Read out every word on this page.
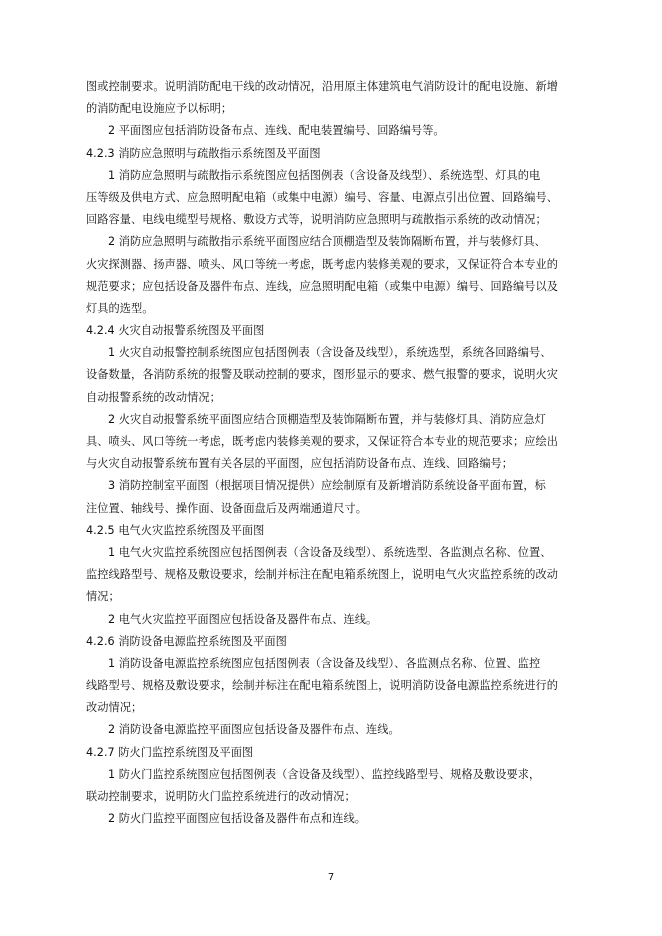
图或控制要求。说明消防配电干线的改动情况，沿用原主体建筑电气消防设计的配电设施、新增
的消防配电设施应予以标明；
2 平面图应包括消防设备布点、连线、配电装置编号、回路编号等。
4.2.3 消防应急照明与疏散指示系统图及平面图
1 消防应急照明与疏散指示系统图应包括图例表（含设备及线型）、系统选型、灯具的电
压等级及供电方式、应急照明配电箱（或集中电源）编号、容量、电源点引出位置、回路编号、
回路容量、电线电缆型号规格、敷设方式等，说明消防应急照明与疏散指示系统的改动情况；
2 消防应急照明与疏散指示系统平面图应结合顶棚造型及装饰隔断布置，并与装修灯具、
火灾探测器、扬声器、喷头、风口等统一考虑，既考虑内装修美观的要求，又保证符合本专业的
规范要求；应包括设备及器件布点、连线，应急照明配电箱（或集中电源）编号、回路编号以及
灯具的选型。
4.2.4 火灾自动报警系统图及平面图
1 火灾自动报警控制系统图应包括图例表（含设备及线型），系统选型，系统各回路编号、
设备数量，各消防系统的报警及联动控制的要求，图形显示的要求、燃气报警的要求，说明火灾
自动报警系统的改动情况；
2 火灾自动报警系统平面图应结合顶棚造型及装饰隔断布置，并与装修灯具、消防应急灯
具、喷头、风口等统一考虑，既考虑内装修美观的要求，又保证符合本专业的规范要求；应绘出
与火灾自动报警系统布置有关各层的平面图，应包括消防设备布点、连线、回路编号；
3 消防控制室平面图（根据项目情况提供）应绘制原有及新增消防系统设备平面布置，标
注位置、轴线号、操作面、设备面盘后及两端通道尺寸。
4.2.5 电气火灾监控系统图及平面图
1 电气火灾监控系统图应包括图例表（含设备及线型）、系统选型、各监测点名称、位置、
监控线路型号、规格及敷设要求，绘制并标注在配电箱系统图上，说明电气火灾监控系统的改动
情况；
2 电气火灾监控平面图应包括设备及器件布点、连线。
4.2.6 消防设备电源监控系统图及平面图
1 消防设备电源监控系统图应包括图例表（含设备及线型）、各监测点名称、位置、监控
线路型号、规格及敷设要求，绘制并标注在配电箱系统图上，说明消防设备电源监控系统进行的
改动情况；
2 消防设备电源监控平面图应包括设备及器件布点、连线。
4.2.7 防火门监控系统图及平面图
1 防火门监控系统图应包括图例表（含设备及线型）、监控线路型号、规格及敷设要求，
联动控制要求，说明防火门监控系统进行的改动情况；
2 防火门监控平面图应包括设备及器件布点和连线。
7
